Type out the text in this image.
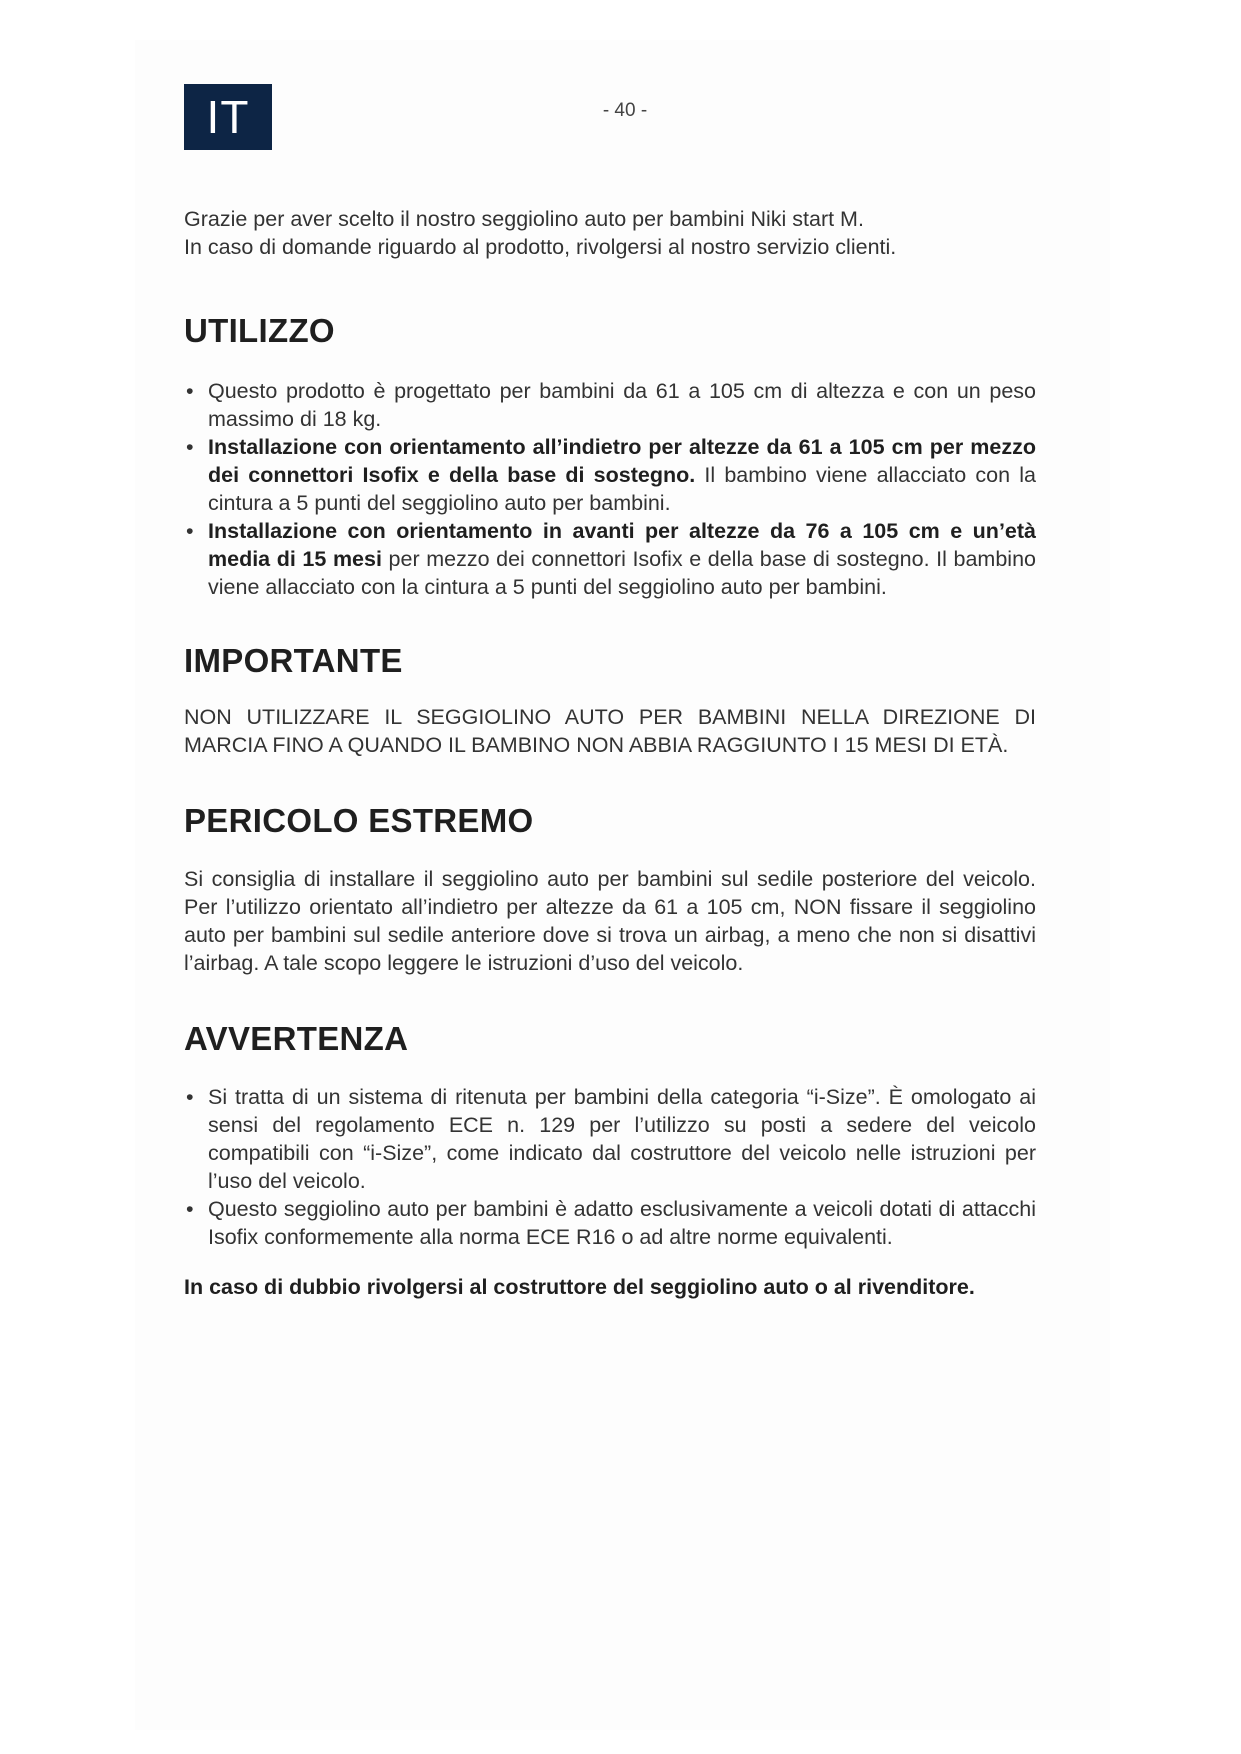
IT	- 40 -

Grazie per aver scelto il nostro seggiolino auto per bambini Niki start M.

In caso di domande riguardo al prodotto, rivolgersi al nostro servizio clienti.

UTILIZZO
• Questo prodotto è progettato per bambini da 61 a 105 cm di altezza e con un peso massimo di 18 kg.
• Installazione con orientamento all’indietro per altezze da 61 a 105 cm per mezzo dei connettori Isofix e della base di sostegno. Il bambino viene allacciato con la cintura a 5 punti del seggiolino auto per bambini.
• Installazione con orientamento in avanti per altezze da 76 a 105 cm e un’età media di 15 mesi per mezzo dei connettori Isofix e della base di sostegno. Il bambino viene allacciato con la cintura a 5 punti del seggiolino auto per bambini.
IMPORTANTE

NON UTILIZZARE IL SEGGIOLINO AUTO PER BAMBINI NELLA DIREZIONE DI MARCIA FINO A QUANDO IL BAMBINO NON ABBIA RAGGIUNTO I 15 MESI DI ETÀ.

PERICOLO ESTREMO

Si consiglia di installare il seggiolino auto per bambini sul sedile posteriore del veicolo. Per l’utilizzo orientato all’indietro per altezze da 61 a 105 cm, NON fissare il seggiolino auto per bambini sul sedile anteriore dove si trova un airbag, a meno che non si disattivi l’airbag. A tale scopo leggere le istruzioni d’uso del veicolo.

AVVERTENZA
• Si tratta di un sistema di ritenuta per bambini della categoria “i-Size”. È omologato ai sensi del regolamento ECE n. 129 per l’utilizzo su posti a sedere del veicolo compatibili con “i-Size”, come indicato dal costruttore del veicolo nelle istruzioni per l’uso del veicolo.
• Questo seggiolino auto per bambini è adatto esclusivamente a veicoli dotati di attacchi Isofix conformemente alla norma ECE R16 o ad altre norme equivalenti.

In caso di dubbio rivolgersi al costruttore del seggiolino auto o al rivenditore.
